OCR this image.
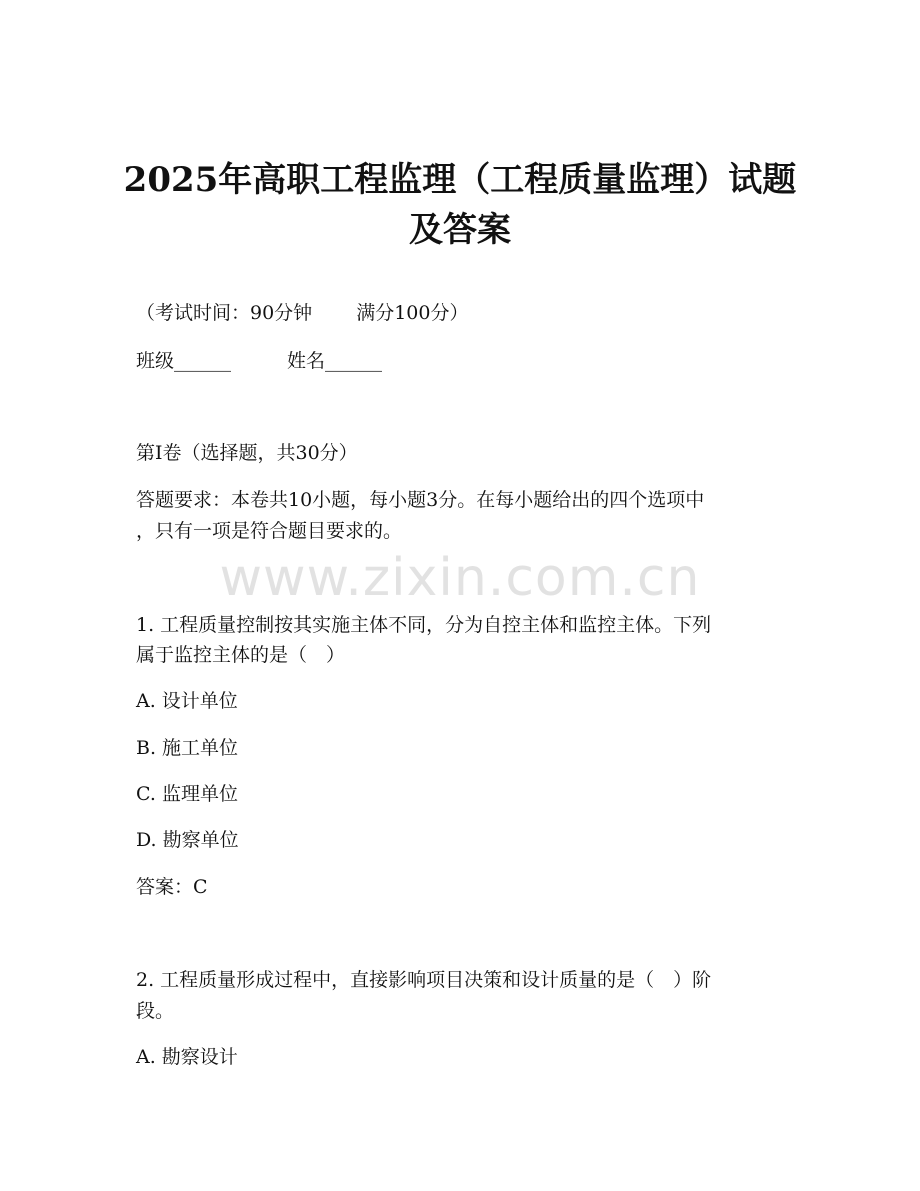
2025年高职工程监理（工程质量监理）试题
及答案
（考试时间：90分钟 满分100分）
班级______	姓名______
第I卷（选择题，共30分）
答题要求：本卷共10小题，每小题3分。在每小题给出的四个选项中
，只有一项是符合题目要求的。
www.zixin.com.cn
1. 工程质量控制按其实施主体不同，分为自控主体和监控主体。下列
属于监控主体的是（　）
A. 设计单位
B. 施工单位
C. 监理单位
D. 勘察单位
答案：C
2. 工程质量形成过程中，直接影响项目决策和设计质量的是（　）阶
段。
A. 勘察设计
